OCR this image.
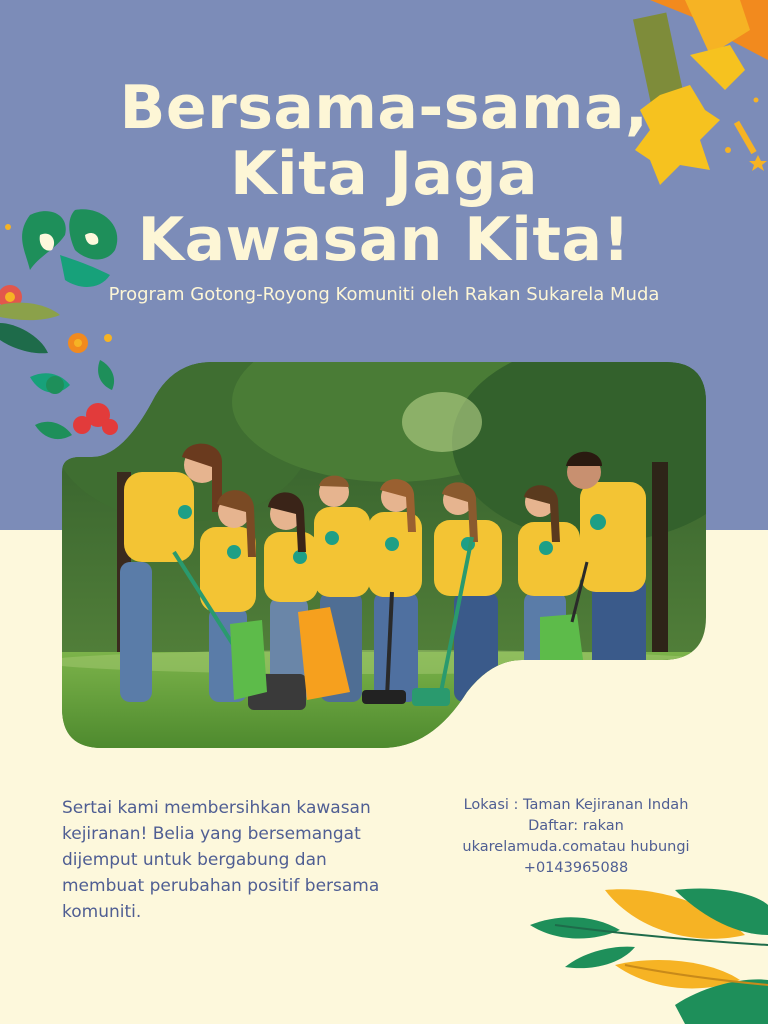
Bersama-sama,
Kita Jaga
Kawasan Kita!
Program Gotong-Royong Komuniti oleh Rakan Sukarela Muda

Sertai kami membersihkan kawasan kejiranan! Belia yang bersemangat dijemput untuk bergabung dan membuat perubahan positif bersama komuniti.

Lokasi : Taman Kejiranan Indah
Daftar: rakan
ukarelamuda.comatau hubungi
+0143965088
